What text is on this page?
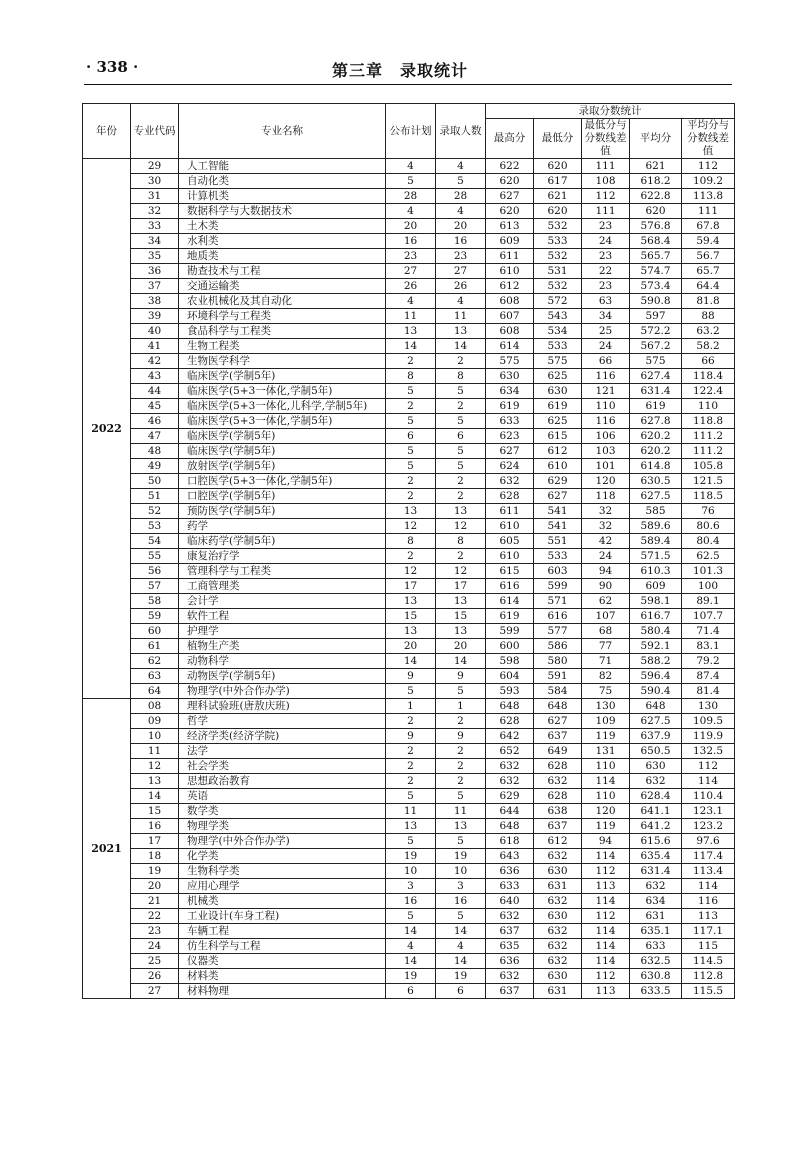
· 338 ·	第三章　录取统计
年份	专业代码	专业名称	公布计划	录取人数	录取分数统计				
					最高分	最低分	最低分与分数线差值	平均分	平均分与分数线差值
2022	29	人工智能	4	4	622	620	111	621	112
	30	自动化类	5	5	620	617	108	618.2	109.2
	31	计算机类	28	28	627	621	112	622.8	113.8
	32	数据科学与大数据技术	4	4	620	620	111	620	111
	33	土木类	20	20	613	532	23	576.8	67.8
	34	水利类	16	16	609	533	24	568.4	59.4
	35	地质类	23	23	611	532	23	565.7	56.7
	36	勘查技术与工程	27	27	610	531	22	574.7	65.7
	37	交通运输类	26	26	612	532	23	573.4	64.4
	38	农业机械化及其自动化	4	4	608	572	63	590.8	81.8
	39	环境科学与工程类	11	11	607	543	34	597	88
	40	食品科学与工程类	13	13	608	534	25	572.2	63.2
	41	生物工程类	14	14	614	533	24	567.2	58.2
	42	生物医学科学	2	2	575	575	66	575	66
	43	临床医学(学制5年)	8	8	630	625	116	627.4	118.4
	44	临床医学(5+3一体化,学制5年)	5	5	634	630	121	631.4	122.4
	45	临床医学(5+3一体化,儿科学,学制5年)	2	2	619	619	110	619	110
	46	临床医学(5+3一体化,学制5年)	5	5	633	625	116	627.8	118.8
	47	临床医学(学制5年)	6	6	623	615	106	620.2	111.2
	48	临床医学(学制5年)	5	5	627	612	103	620.2	111.2
	49	放射医学(学制5年)	5	5	624	610	101	614.8	105.8
	50	口腔医学(5+3一体化,学制5年)	2	2	632	629	120	630.5	121.5
	51	口腔医学(学制5年)	2	2	628	627	118	627.5	118.5
	52	预防医学(学制5年)	13	13	611	541	32	585	76
	53	药学	12	12	610	541	32	589.6	80.6
	54	临床药学(学制5年)	8	8	605	551	42	589.4	80.4
	55	康复治疗学	2	2	610	533	24	571.5	62.5
	56	管理科学与工程类	12	12	615	603	94	610.3	101.3
	57	工商管理类	17	17	616	599	90	609	100
	58	会计学	13	13	614	571	62	598.1	89.1
	59	软件工程	15	15	619	616	107	616.7	107.7
	60	护理学	13	13	599	577	68	580.4	71.4
	61	植物生产类	20	20	600	586	77	592.1	83.1
	62	动物科学	14	14	598	580	71	588.2	79.2
	63	动物医学(学制5年)	9	9	604	591	82	596.4	87.4
	64	物理学(中外合作办学)	5	5	593	584	75	590.4	81.4
2021	08	理科试验班(唐敖庆班)	1	1	648	648	130	648	130
	09	哲学	2	2	628	627	109	627.5	109.5
	10	经济学类(经济学院)	9	9	642	637	119	637.9	119.9
	11	法学	2	2	652	649	131	650.5	132.5
	12	社会学类	2	2	632	628	110	630	112
	13	思想政治教育	2	2	632	632	114	632	114
	14	英语	5	5	629	628	110	628.4	110.4
	15	数学类	11	11	644	638	120	641.1	123.1
	16	物理学类	13	13	648	637	119	641.2	123.2
	17	物理学(中外合作办学)	5	5	618	612	94	615.6	97.6
	18	化学类	19	19	643	632	114	635.4	117.4
	19	生物科学类	10	10	636	630	112	631.4	113.4
	20	应用心理学	3	3	633	631	113	632	114
	21	机械类	16	16	640	632	114	634	116
	22	工业设计(车身工程)	5	5	632	630	112	631	113
	23	车辆工程	14	14	637	632	114	635.1	117.1
	24	仿生科学与工程	4	4	635	632	114	633	115
	25	仪器类	14	14	636	632	114	632.5	114.5
	26	材料类	19	19	632	630	112	630.8	112.8
	27	材料物理	6	6	637	631	113	633.5	115.5
